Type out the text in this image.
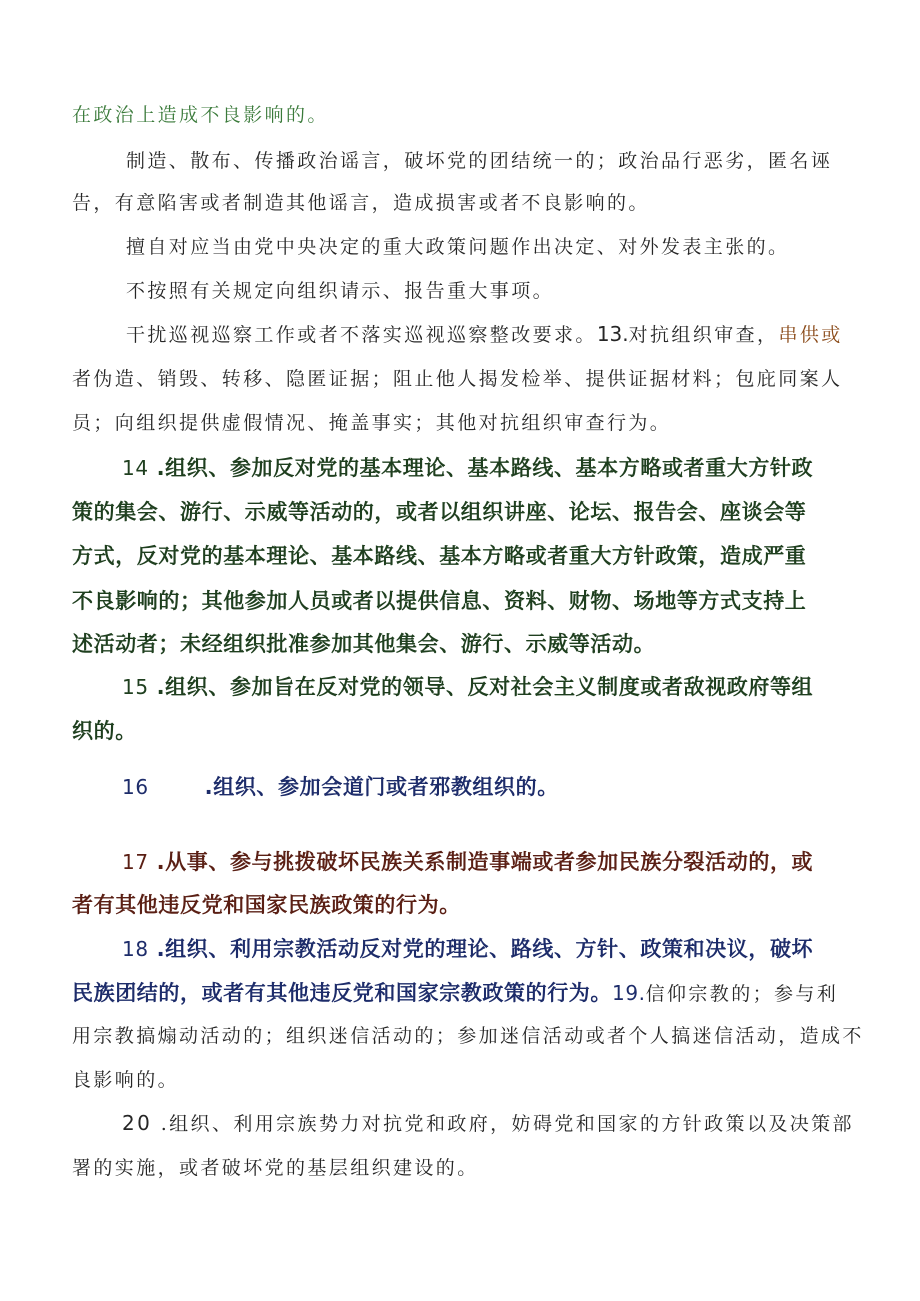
在政治上造成不良影响的。
制造、散布、传播政治谣言，破坏党的团结统一的；政治品行恶劣，匿名诬
告，有意陷害或者制造其他谣言，造成损害或者不良影响的。
擅自对应当由党中央决定的重大政策问题作出决定、对外发表主张的。
不按照有关规定向组织请示、报告重大事项。
干扰巡视巡察工作或者不落实巡视巡察整改要求。13.对抗组织审查，串供或
者伪造、销毁、转移、隐匿证据；阻止他人揭发检举、提供证据材料；包庇同案人
员；向组织提供虚假情况、掩盖事实；其他对抗组织审查行为。
14 .组织、参加反对党的基本理论、基本路线、基本方略或者重大方针政
策的集会、游行、示威等活动的，或者以组织讲座、论坛、报告会、座谈会等
方式，反对党的基本理论、基本路线、基本方略或者重大方针政策，造成严重
不良影响的；其他参加人员或者以提供信息、资料、财物、场地等方式支持上
述活动者；未经组织批准参加其他集会、游行、示威等活动。
15 .组织、参加旨在反对党的领导、反对社会主义制度或者敌视政府等组
织的。
16	.组织、参加会道门或者邪教组织的。
17 .从事、参与挑拨破坏民族关系制造事端或者参加民族分裂活动的，或
者有其他违反党和国家民族政策的行为。
18 .组织、利用宗教活动反对党的理论、路线、方针、政策和决议，破坏
民族团结的，或者有其他违反党和国家宗教政策的行为。19.信仰宗教的；参与利
用宗教搞煽动活动的；组织迷信活动的；参加迷信活动或者个人搞迷信活动，造成不
良影响的。
20 .组织、利用宗族势力对抗党和政府，妨碍党和国家的方针政策以及决策部
署的实施，或者破坏党的基层组织建设的。
